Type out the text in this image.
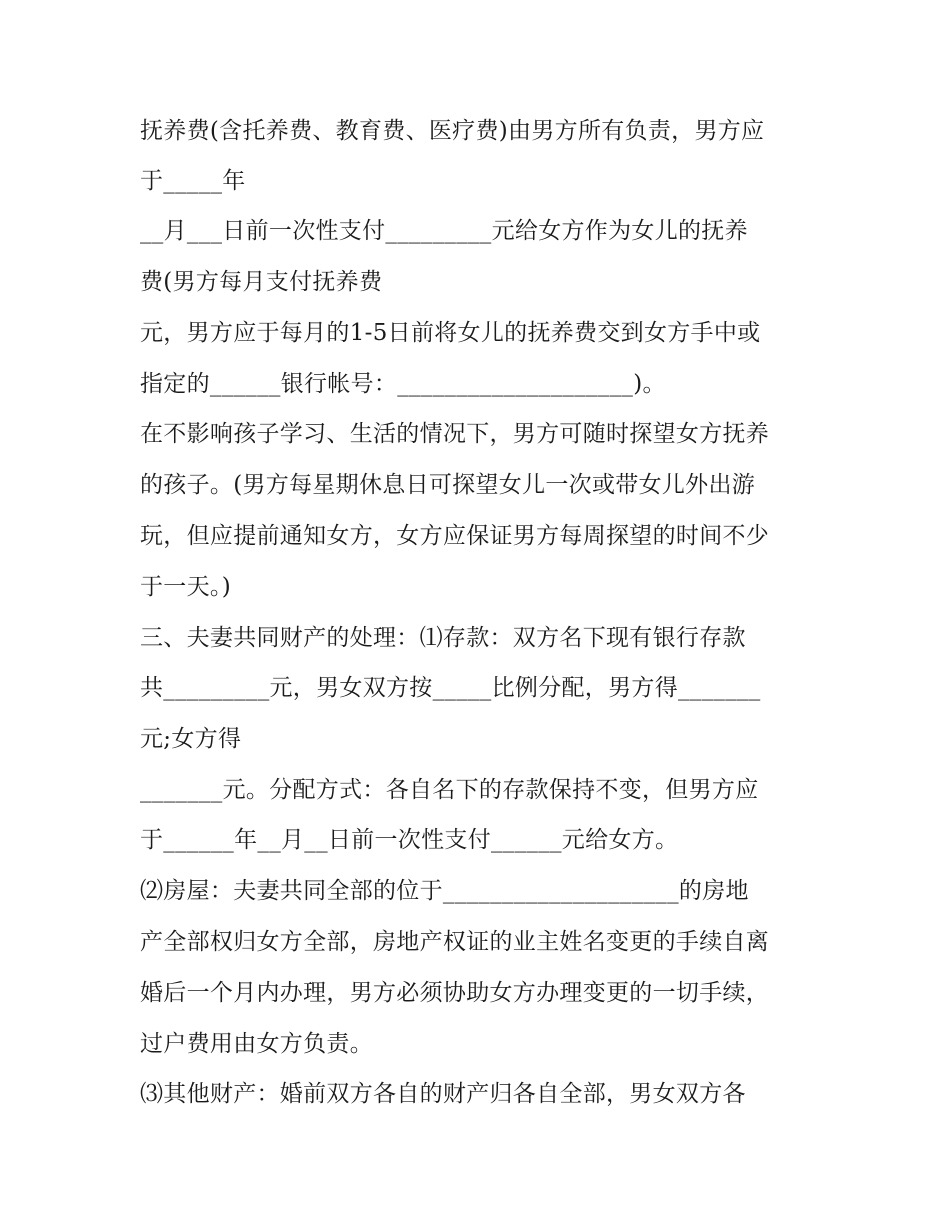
抚养费(含托养费、教育费、医疗费)由男方所有负责，男方应
于_____年
__月___日前一次性支付_________元给女方作为女儿的抚养
费(男方每月支付抚养费
元，男方应于每月的1-5日前将女儿的抚养费交到女方手中或
指定的______银行帐号：____________________)。
在不影响孩子学习、生活的情况下，男方可随时探望女方抚养
的孩子。(男方每星期休息日可探望女儿一次或带女儿外出游
玩，但应提前通知女方，女方应保证男方每周探望的时间不少
于一天。)
三、夫妻共同财产的处理：⑴存款：双方名下现有银行存款
共_________元，男女双方按_____比例分配，男方得_______
元;女方得
_______元。分配方式：各自名下的存款保持不变，但男方应
于______年__月__日前一次性支付______元给女方。
⑵房屋：夫妻共同全部的位于____________________的房地
产全部权归女方全部，房地产权证的业主姓名变更的手续自离
婚后一个月内办理，男方必须协助女方办理变更的一切手续，
过户费用由女方负责。
⑶其他财产：婚前双方各自的财产归各自全部，男女双方各
